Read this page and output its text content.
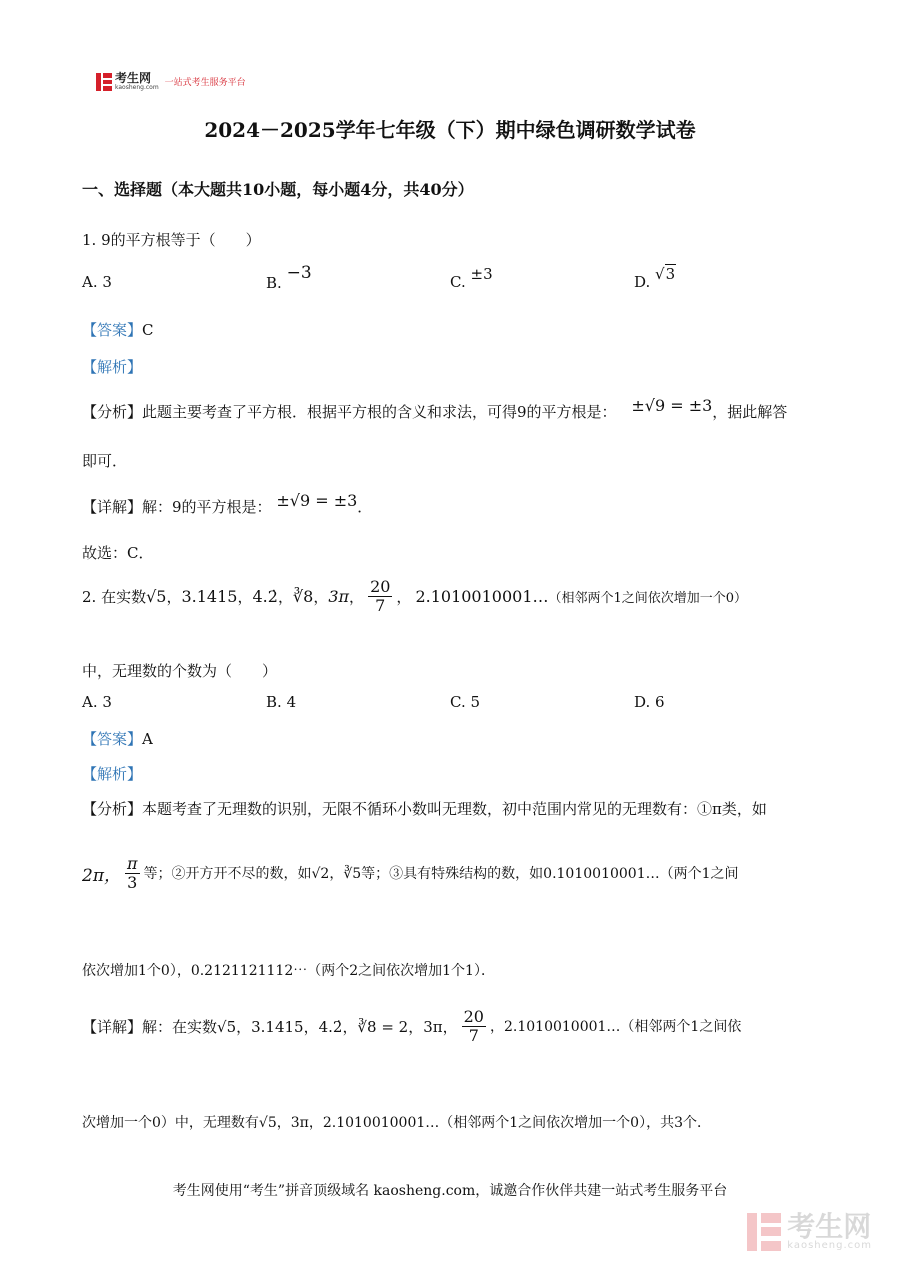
考生网
kaosheng.com 一站式考生服务平台
2024－2025学年七年级（下）期中绿色调研数学试卷
一、选择题（本大题共10小题，每小题4分，共40分）
1. 9的平方根等于（　　）
A. 3	B. −3	C. ±3	D. √3
【答案】C
【解析】
【分析】此题主要考查了平方根．根据平方根的含义和求法，可得9的平方根是： ±√9 = ±3，据此解答
即可．
【详解】解：9的平方根是： ±√9 = ±3．
故选：C．
2. 在实数 √5 ， 3.1415 ， 4.2̇ ， ∛8 ， 3π ， $\frac{20}{7}$ ， 2.1010010001… （相邻两个1之间依次增加一个0）
中，无理数的个数为（　　）
A. 3	B. 4	C. 5	D. 6
【答案】A
【解析】
【分析】本题考查了无理数的识别，无限不循环小数叫无理数，初中范围内常见的无理数有：①π类，如
2π， $\frac{\pi}{3}$ 等；②开方开不尽的数，如√2，∛5等；③具有特殊结构的数，如0.1010010001…（两个1之间
依次增加1个0），0.2121121112⋯（两个2之间依次增加1个1）．
【详解】 解：在实数√5，3.1415，4.2̇，∛8 = 2，3π， $\frac{20}{7}$ ，2.1010010001…（相邻两个1之间依
次增加一个0）中，无理数有√5，3π，2.1010010001…（相邻两个1之间依次增加一个0），共3个．
考生网使用“考生”拼音顶级域名 kaosheng.com，诚邀合作伙伴共建一站式考生服务平台
考生网
kaosheng.com
